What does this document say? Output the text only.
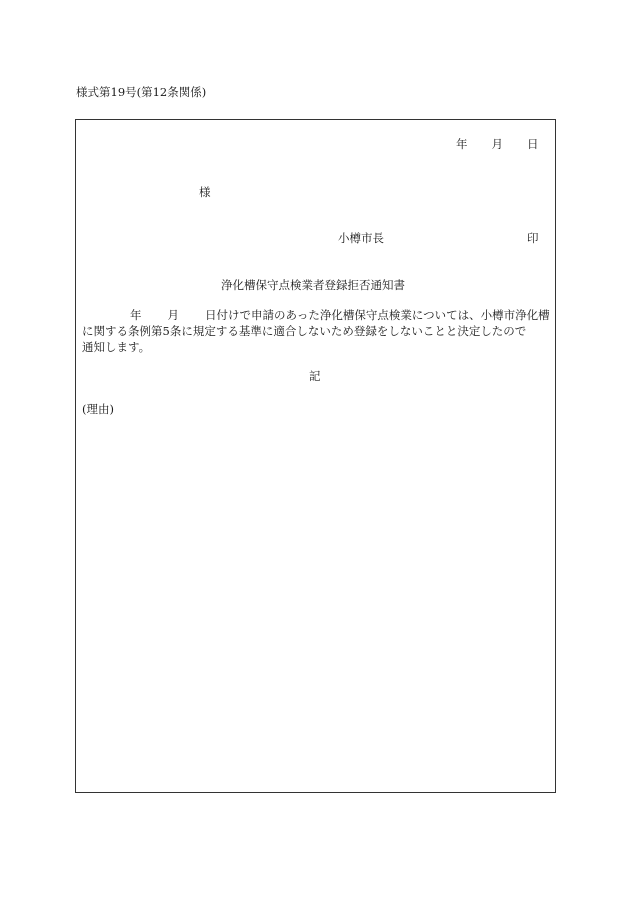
様式第19号(第12条関係)
年 月 日
様
小樽市長	印
浄化槽保守点検業者登録拒否通知書
年 月 日付けで申請のあった浄化槽保守点検業については、小樽市浄化槽
に関する条例第5条に規定する基準に適合しないため登録をしないことと決定したので
通知します。
記
(理由)
